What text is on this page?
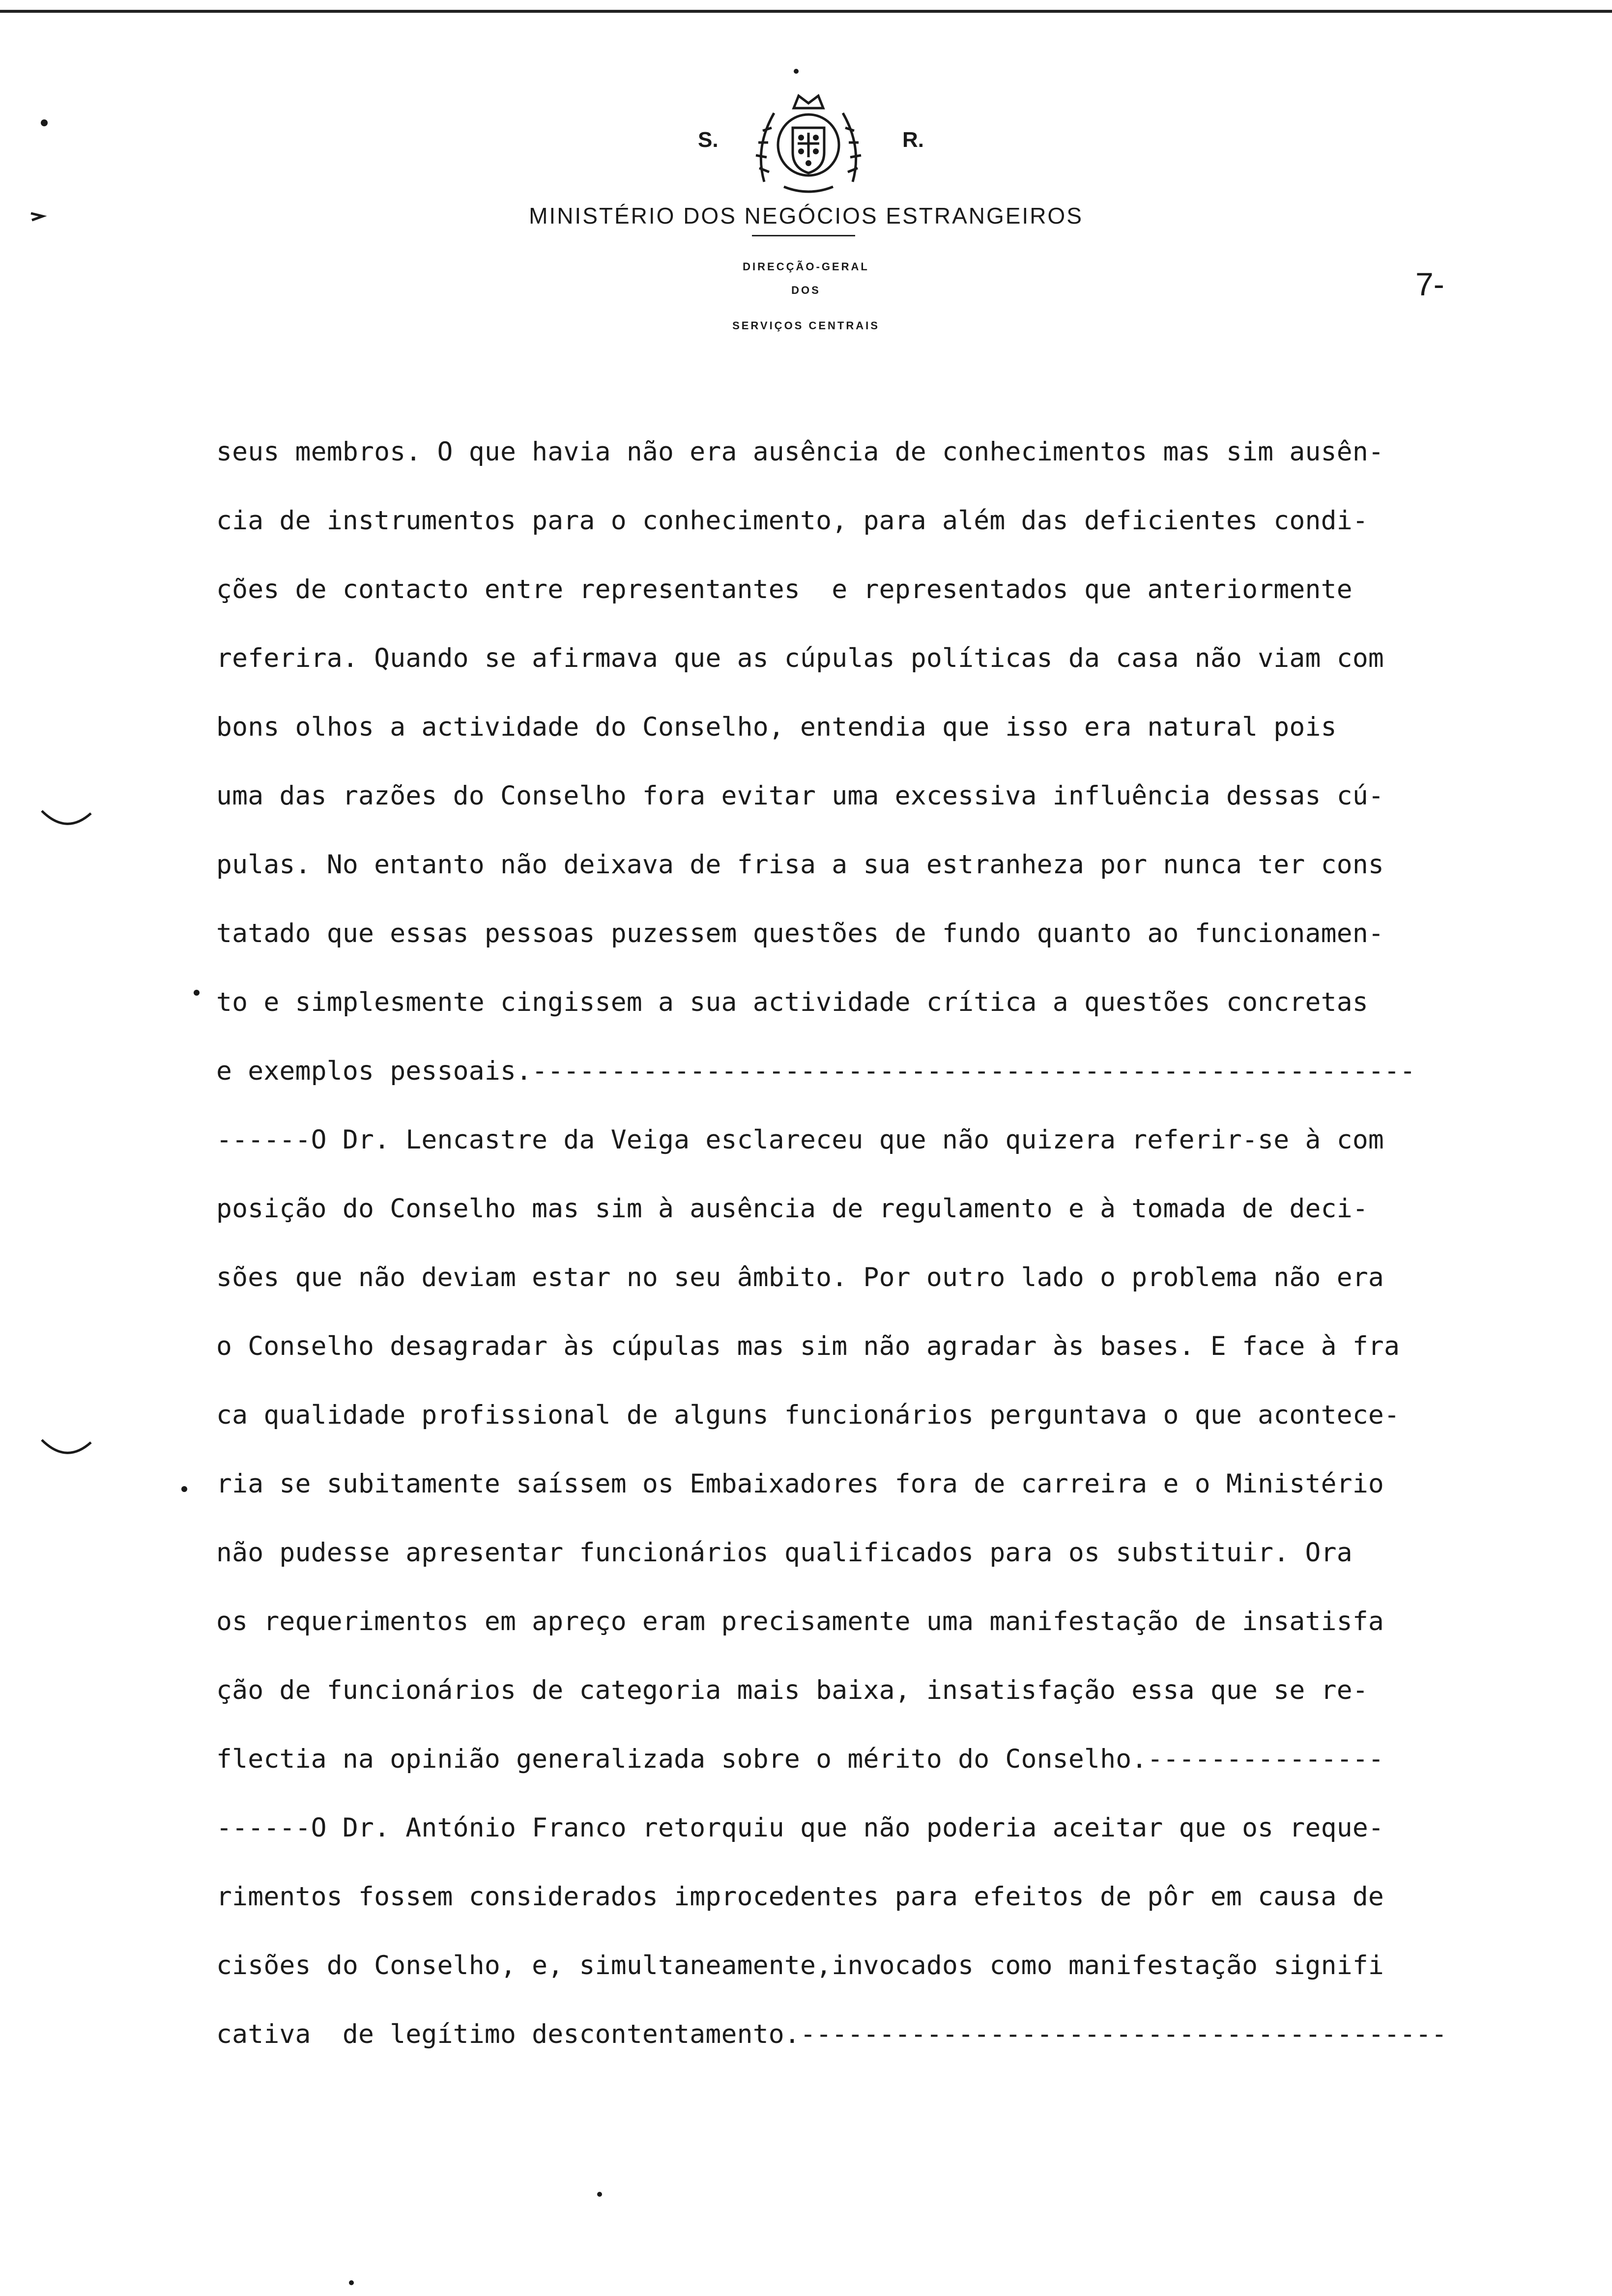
S.	R.
MINISTÉRIO DOS NEGÓCIOS ESTRANGEIROS
DIRECÇÃO-GERAL
DOS
SERVIÇOS CENTRAIS
7-
seus membros. O que havia não era ausência de conhecimentos mas sim ausên-
cia de instrumentos para o conhecimento, para além das deficientes condi-
ções de contacto entre representantes  e representados que anteriormente
referira. Quando se afirmava que as cúpulas políticas da casa não viam com
bons olhos a actividade do Conselho, entendia que isso era natural pois
uma das razões do Conselho fora evitar uma excessiva influência dessas cú-
pulas. No entanto não deixava de frisa a sua estranheza por nunca ter cons
tatado que essas pessoas puzessem questões de fundo quanto ao funcionamen-
to e simplesmente cingissem a sua actividade crítica a questões concretas
e exemplos pessoais.--------------------------------------------------------
------O Dr. Lencastre da Veiga esclareceu que não quizera referir-se à com
posição do Conselho mas sim à ausência de regulamento e à tomada de deci-
sões que não deviam estar no seu âmbito. Por outro lado o problema não era
o Conselho desagradar às cúpulas mas sim não agradar às bases. E face à fra
ca qualidade profissional de alguns funcionários perguntava o que acontece-
ria se subitamente saíssem os Embaixadores fora de carreira e o Ministério
não pudesse apresentar funcionários qualificados para os substituir. Ora
os requerimentos em apreço eram precisamente uma manifestação de insatisfa
ção de funcionários de categoria mais baixa, insatisfação essa que se re-
flectia na opinião generalizada sobre o mérito do Conselho.---------------
------O Dr. António Franco retorquiu que não poderia aceitar que os reque-
rimentos fossem considerados improcedentes para efeitos de pôr em causa de
cisões do Conselho, e, simultaneamente,invocados como manifestação signifi
cativa  de legítimo descontentamento.-----------------------------------------
